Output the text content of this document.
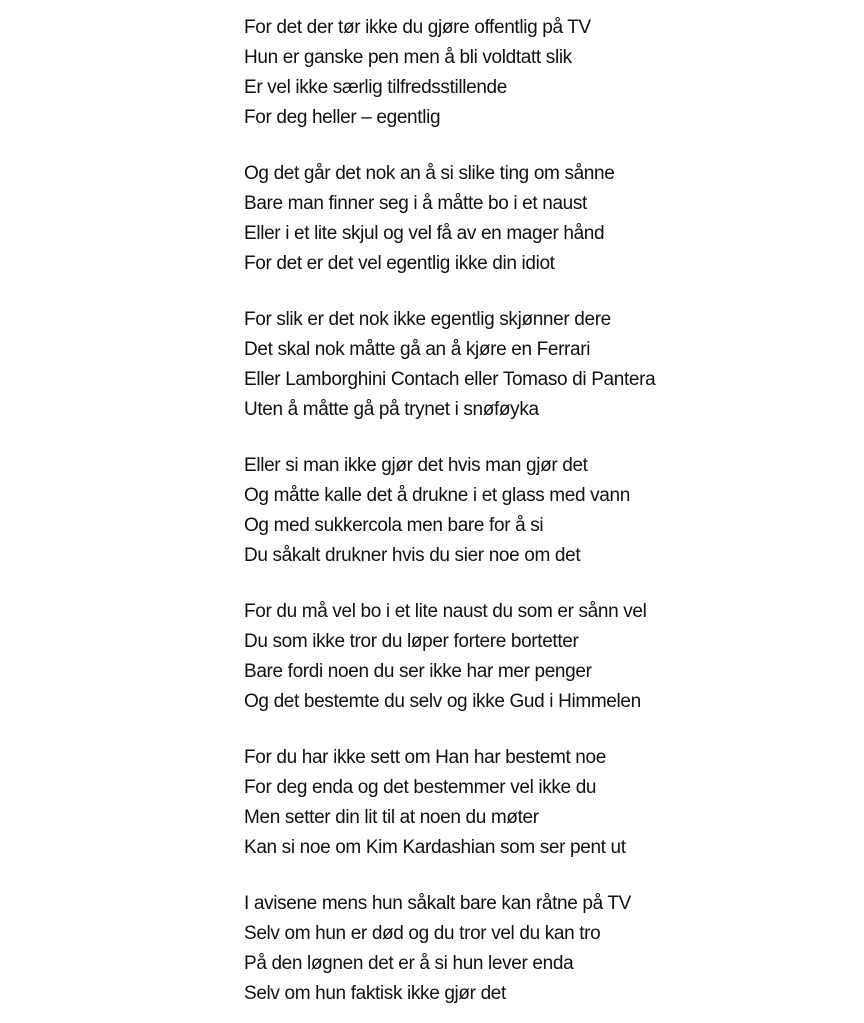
For det der tør ikke du gjøre offentlig på TV
Hun er ganske pen men å bli voldtatt slik
Er vel ikke særlig tilfredsstillende
For deg heller – egentlig
Og det går det nok an å si slike ting om sånne
Bare man finner seg i å måtte bo i et naust
Eller i et lite skjul og vel få av en mager hånd
For det er det vel egentlig ikke din idiot
For slik er det nok ikke egentlig skjønner dere
Det skal nok måtte gå an å kjøre en Ferrari
Eller Lamborghini Contach eller Tomaso di Pantera
Uten å måtte gå på trynet i snøføyka
Eller si man ikke gjør det hvis man gjør det
Og måtte kalle det å drukne i et glass med vann
Og med sukkercola men bare for å si
Du såkalt drukner hvis du sier noe om det
For du må vel bo i et lite naust du som er sånn vel
Du som ikke tror du løper fortere bortetter
Bare fordi noen du ser ikke har mer penger
Og det bestemte du selv og ikke Gud i Himmelen
For du har ikke sett om Han har bestemt noe
For deg enda og det bestemmer vel ikke du
Men setter din lit til at noen du møter
Kan si noe om Kim Kardashian som ser pent ut
I avisene mens hun såkalt bare kan råtne på TV
Selv om hun er død og du tror vel du kan tro
På den løgnen det er å si hun lever enda
Selv om hun faktisk ikke gjør det
